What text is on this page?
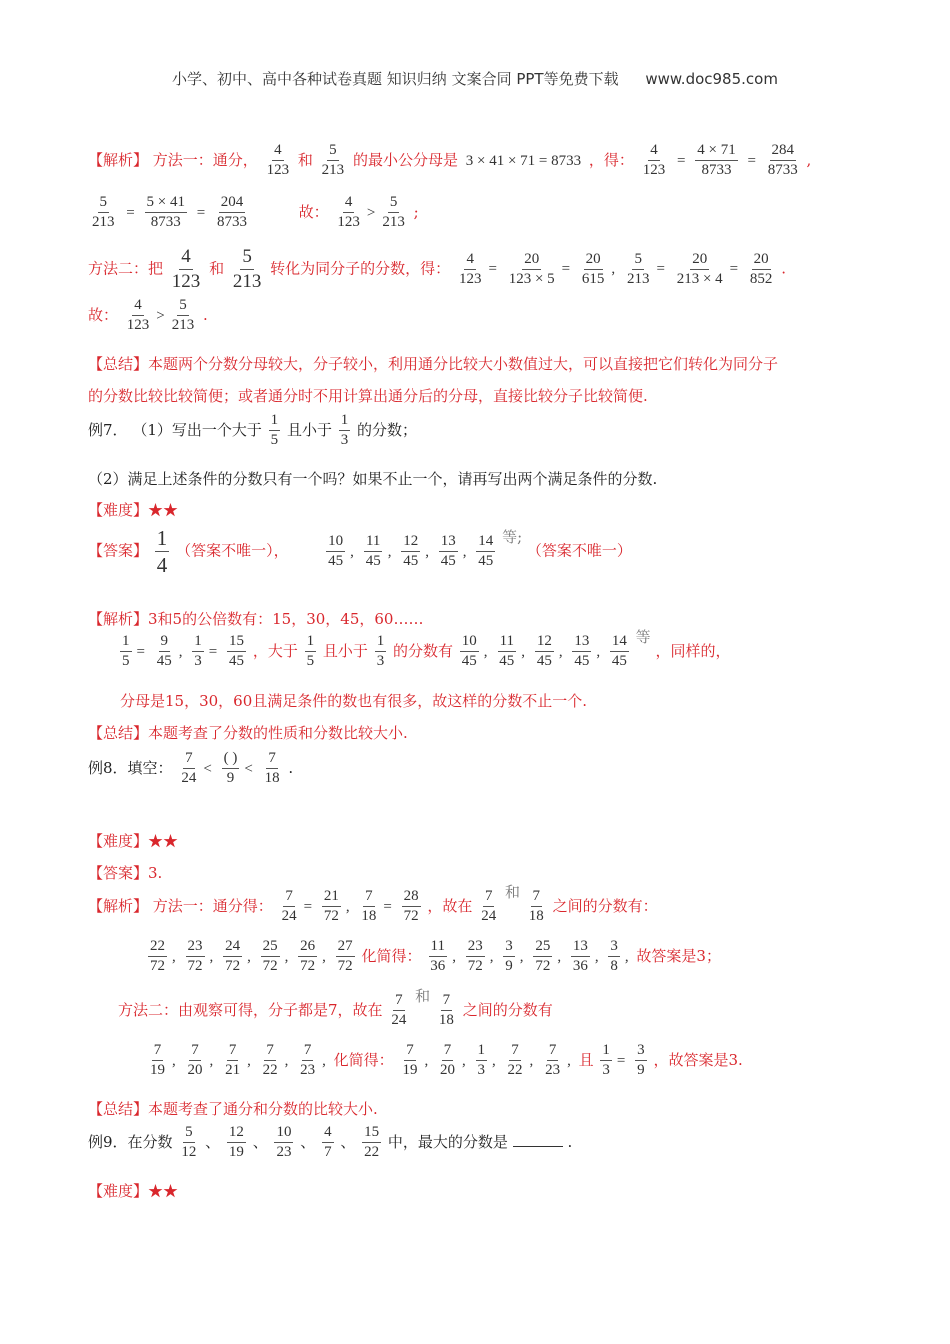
小学、初中、高中各种试卷真题 知识归纳 文案合同 PPT等免费下载 www.doc985.com
【解析】 方法一：通分， $\frac{4}{123}$ 和 $\frac{5}{213}$ 的最小公分母是 3 × 41 × 71 = 8733 ，得： $\frac{4}{123} = \frac{4 \times 71}{8733} = \frac{284}{8733}$ ,
$\frac{5}{213} = \frac{5 \times 41}{8733} = \frac{204}{8733}$	故： $\frac{4}{123} > \frac{5}{213}$ ;
方法二：把 $\frac{4}{123}$ 和 $\frac{5}{213}$ 转化为同分子的分数，得： $\frac{4}{123} = \frac{20}{123 \times 5} = \frac{20}{615}$ , $\frac{5}{213} = \frac{20}{213 \times 4} = \frac{20}{852}$ .
故： $\frac{4}{123} > \frac{5}{213}$ .
【总结】本题两个分数分母较大，分子较小，利用通分比较大小数值过大，可以直接把它们转化为同分子
的分数比较比较简便；或者通分时不用计算出通分后的分母，直接比较分子比较简便.
例7． （1）写出一个大于 $\frac{1}{5}$ 且小于 $\frac{1}{3}$ 的分数；
（2）满足上述条件的分数只有一个吗？如果不止一个，请再写出两个满足条件的分数.
【难度】★★
【答案】 $\frac{1}{4}$ （答案不唯一），	$\frac{10}{45}$ , $\frac{11}{45}$ , $\frac{12}{45}$ , $\frac{13}{45}$ , $\frac{14}{45}$ 等; （答案不唯一）
【解析】3和5的公倍数有：15，30，45，60……
$\frac{1}{5} = \frac{9}{45}$ , $\frac{1}{3} = \frac{15}{45}$ ，大于 $\frac{1}{5}$ 且小于 $\frac{1}{3}$ 的分数有 $\frac{10}{45}$ , $\frac{11}{45}$ , $\frac{12}{45}$ , $\frac{13}{45}$ , $\frac{14}{45}$ 等 ，同样的，
分母是15，30，60且满足条件的数也有很多，故这样的分数不止一个.
【总结】本题考查了分数的性质和分数比较大小.
例8．填空： $\frac{7}{24} < \frac{( )}{9} < \frac{7}{18}$ .
【难度】★★
【答案】3.
【解析】 方法一：通分得： $\frac{7}{24} = \frac{21}{72}$ , $\frac{7}{18} = \frac{28}{72}$ ，故在 $\frac{7}{24}$ 和 $\frac{7}{18}$ 之间的分数有：
$\frac{22}{72}$ , $\frac{23}{72}$ , $\frac{24}{72}$ , $\frac{25}{72}$ , $\frac{26}{72}$ , $\frac{27}{72}$ 化简得： $\frac{11}{36}$ , $\frac{23}{72}$ , $\frac{3}{9}$ , $\frac{25}{72}$ , $\frac{13}{36}$ , $\frac{3}{8}$ , 故答案是3；
方法二：由观察可得，分子都是7，故在 $\frac{7}{24}$ 和 $\frac{7}{18}$ 之间的分数有
$\frac{7}{19}$ , $\frac{7}{20}$ , $\frac{7}{21}$ , $\frac{7}{22}$ , $\frac{7}{23}$ , 化简得： $\frac{7}{19}$ , $\frac{7}{20}$ , $\frac{1}{3}$ , $\frac{7}{22}$ , $\frac{7}{23}$ , 且 $\frac{1}{3} = \frac{3}{9}$ ，故答案是3.
【总结】本题考查了通分和分数的比较大小.
例9．在分数 $\frac{5}{12}$ 、 $\frac{12}{19}$ 、 $\frac{10}{23}$ 、 $\frac{4}{7}$ 、 $\frac{15}{22}$ 中，最大的分数是	.
【难度】★★
